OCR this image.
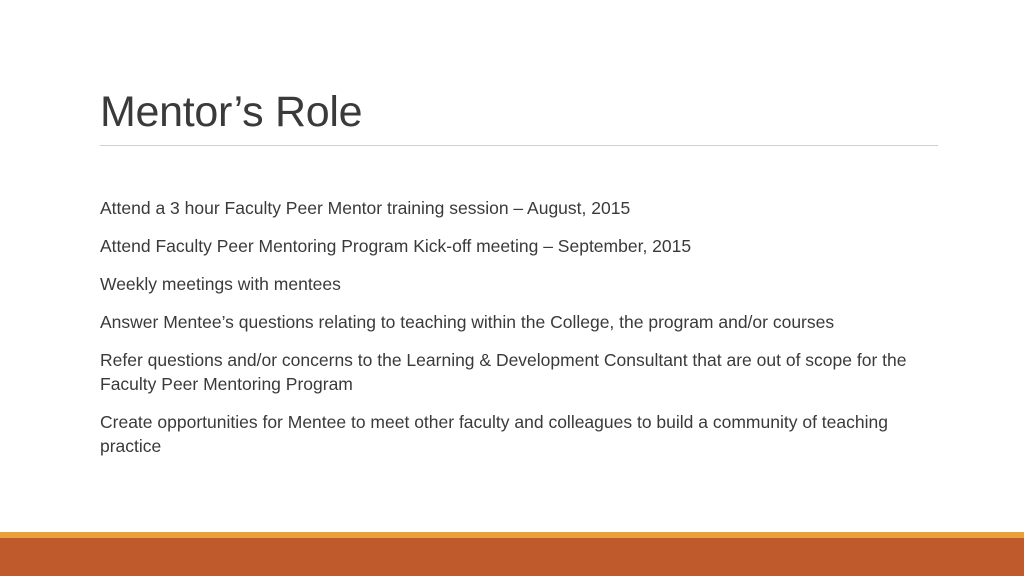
Mentor’s Role
Attend a 3 hour Faculty Peer Mentor training session – August, 2015
Attend Faculty Peer Mentoring Program Kick-off meeting – September, 2015
Weekly meetings with mentees
Answer Mentee’s questions relating to teaching within the College, the program and/or courses
Refer questions and/or concerns to the Learning & Development Consultant that are out of scope for the Faculty Peer Mentoring Program
Create opportunities for Mentee to meet other faculty and colleagues to build a community of teaching practice
